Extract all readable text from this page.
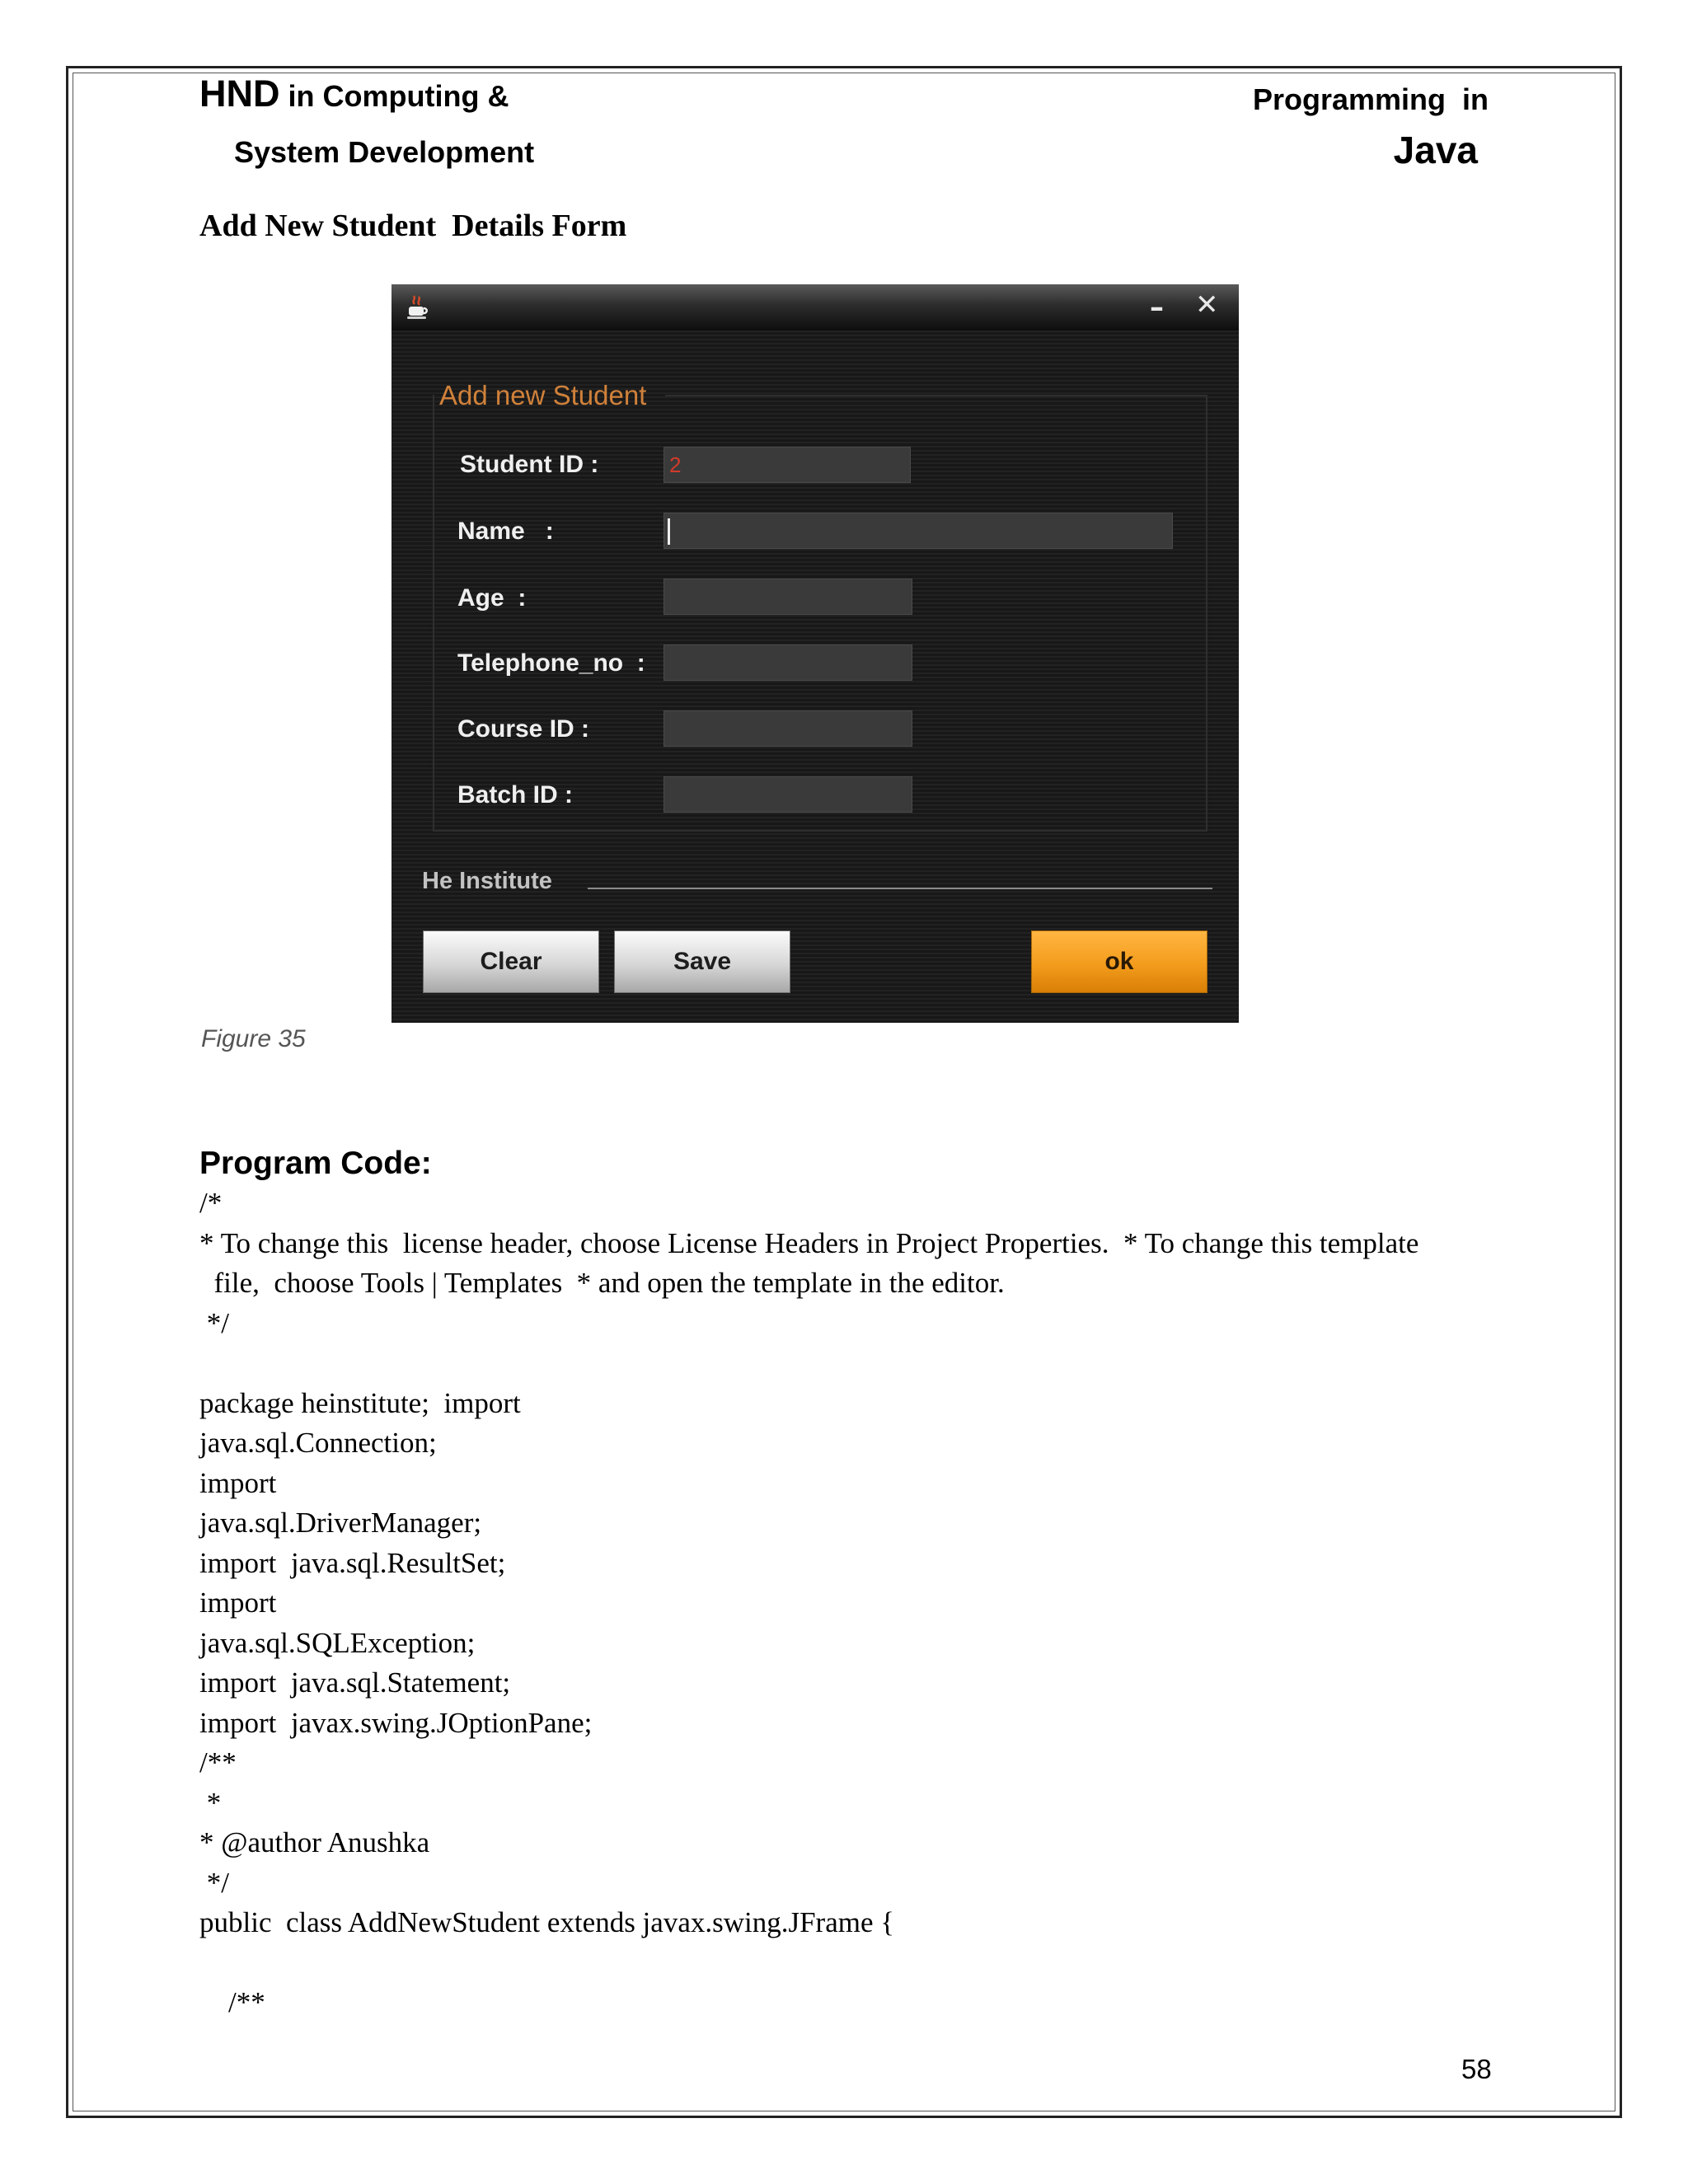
HND in Computing &
System Development
Programming  in
Java
Add New Student  Details Form
– ✕
Add new Student
Student ID :	2
Name   :
Age  :
Telephone_no  :
Course ID :
Batch ID :
He Institute
Clear	Save	ok
Figure 35
Program Code:
/*
* To change this  license header, choose License Headers in Project Properties.  * To change this template
file,  choose Tools | Templates  * and open the template in the editor.
*/
package heinstitute;  import
java.sql.Connection;
import
java.sql.DriverManager;
import  java.sql.ResultSet;
import
java.sql.SQLException;
import  java.sql.Statement;
import  javax.swing.JOptionPane;
/**
*
* @author Anushka
*/
public  class AddNewStudent extends javax.swing.JFrame {
/**
58
